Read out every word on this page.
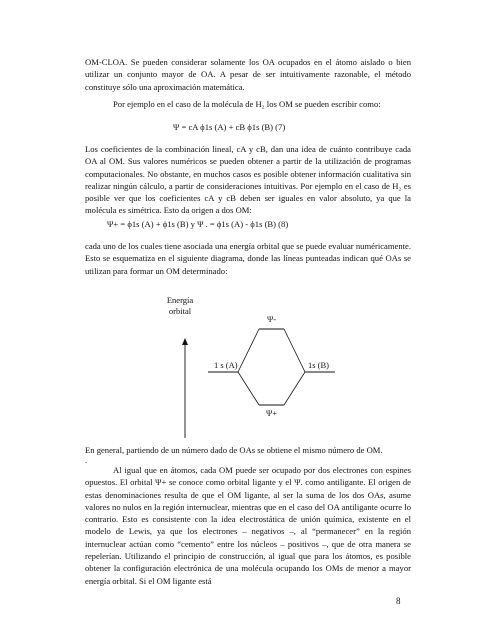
OM-CLOA. Se pueden considerar solamente los OA ocupados en el átomo aislado o bien utilizar un conjunto mayor de OA. A pesar de ser intuitivamente razonable, el método constituye sólo una aproximación matemática.

Por ejemplo en el caso de la molécula de H₂ los OM se pueden escribir como:

Ψ = cA ϕ1s (A) + cB ϕ1s (B) (7)

Los coeficientes de la combinación lineal, cA y cB, dan una idea de cuánto contribuye cada OA al OM. Sus valores numéricos se pueden obtener a partir de la utilización de programas computacionales. No obstante, en muchos casos es posible obtener información cualitativa sin realizar ningún cálculo, a partir de consideraciones intuitivas. Por ejemplo en el caso de H₂ es posible ver que los coeficientes cA y cB deben ser iguales en valor absoluto, ya que la molécula es simétrica. Esto da origen a dos OM:

Ψ+ = ϕ1s (A) + ϕ1s (B) y Ψ . = ϕ1s (A) - ϕ1s (B) (8)

cada uno de los cuales tiene asociada una energía orbital que se puede evaluar numéricamente. Esto se esquematiza en el siguiente diagrama, donde las líneas punteadas indican qué OAs se utilizan para formar un OM determinado:

Energía
orbital
1 s (A)	1s (B)
Ψ-
Ψ+

En general, partiendo de un número dado de OAs se obtiene el mismo número de OM.

.

Al igual que en átomos, cada OM puede ser ocupado por dos electrones con espines opuestos. El orbital Ψ+ se conoce como orbital ligante y el Ψ. como antiligante. El origen de estas denominaciones resulta de que el OM ligante, al ser la suma de los dos OAs, asume valores no nulos en la región internuclear, mientras que en el caso del OA antiligante ocurre lo contrario. Esto es consistente con la idea electrostática de unión química, existente en el modelo de Lewis, ya que los electrones – negativos –, al “permanecer” en la región internuclear actúan como “cemento” entre los núcleos – positivos –, que de otra manera se repelerían. Utilizando el principio de construcción, al igual que para los átomos, es posible obtener la configuración electrónica de una molécula ocupando los OMs de menor a mayor energía orbital. Si el OM ligante está

8
